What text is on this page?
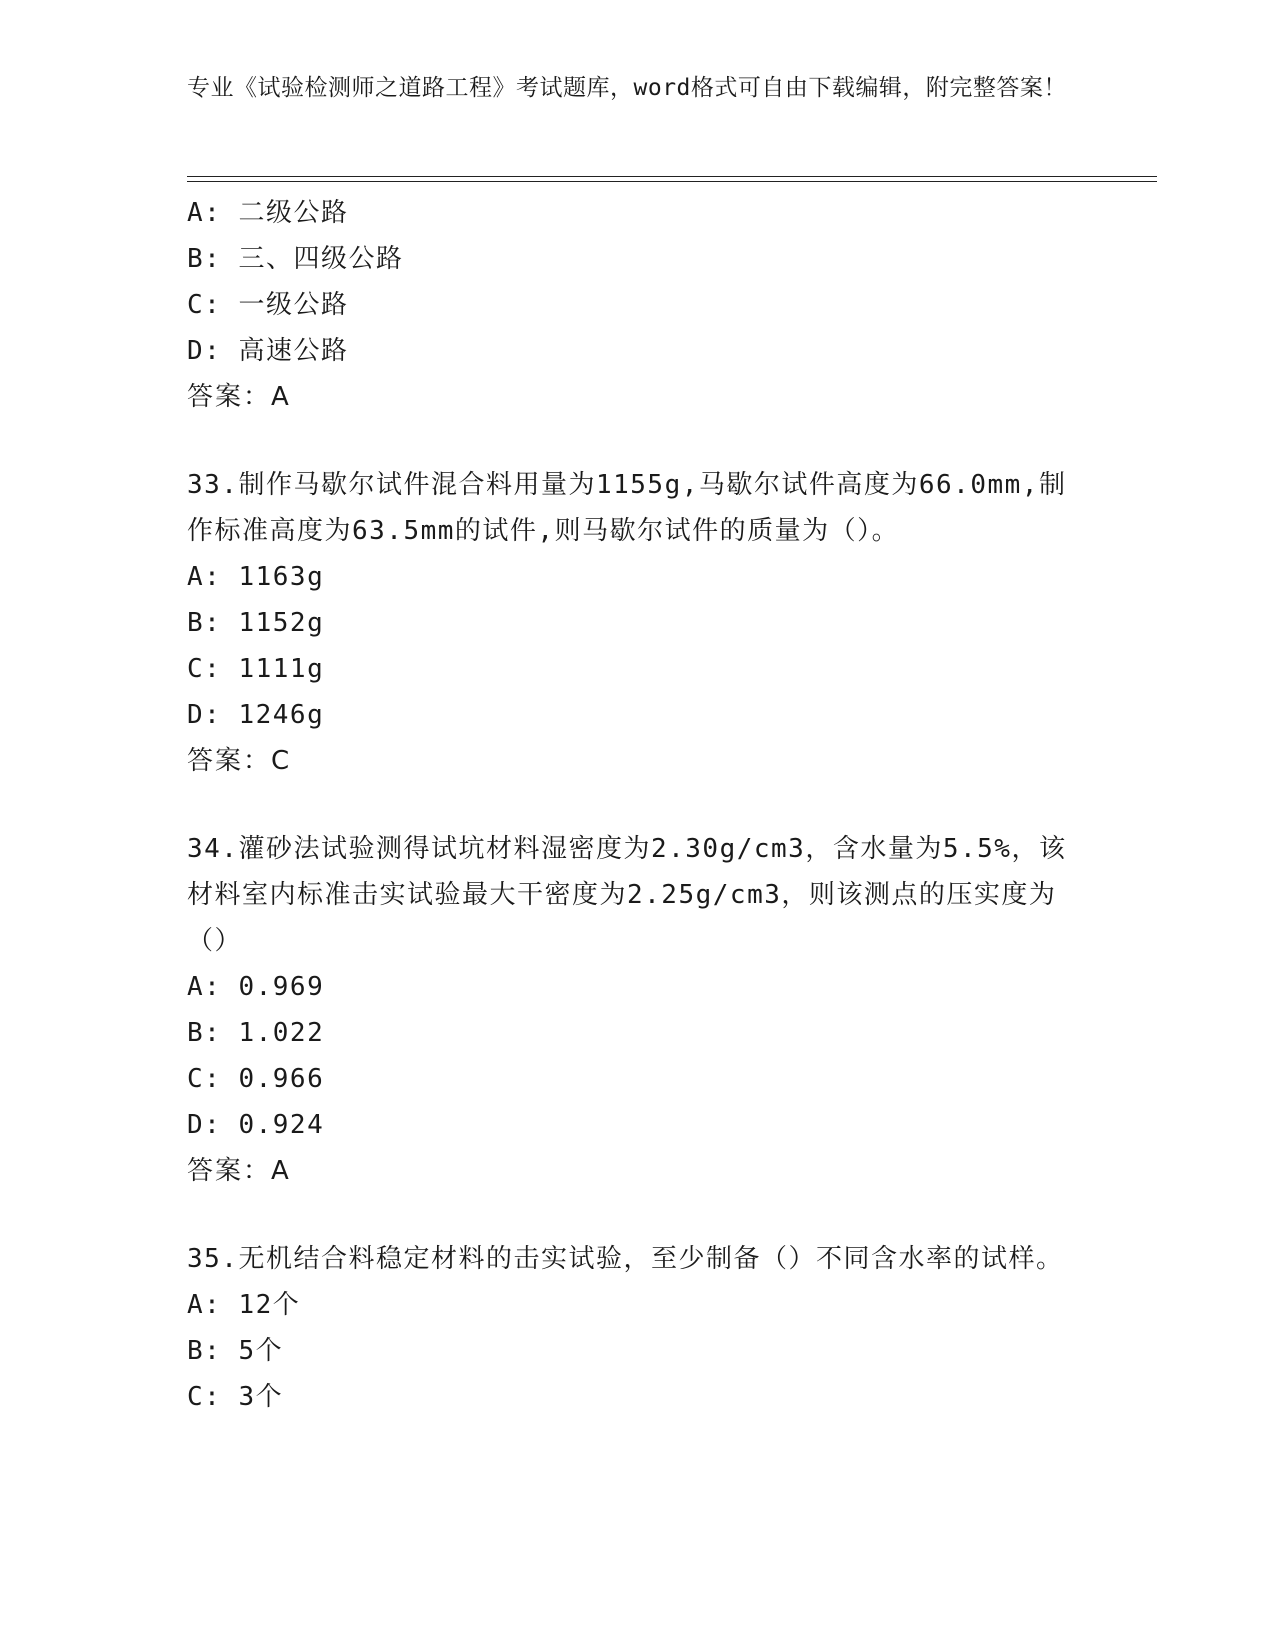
专业《试验检测师之道路工程》考试题库，word格式可自由下载编辑，附完整答案！
A: 二级公路
B: 三、四级公路
C: 一级公路
D: 高速公路
答案：A
33.制作马歇尔试件混合料用量为1155g,马歇尔试件高度为66.0mm,制作标准高度为63.5mm的试件,则马歇尔试件的质量为（）。
A: 1163g
B: 1152g
C: 1111g
D: 1246g
答案：C
34.灌砂法试验测得试坑材料湿密度为2.30g/cm3，含水量为5.5%，该材料室内标准击实试验最大干密度为2.25g/cm3，则该测点的压实度为（）
A: 0.969
B: 1.022
C: 0.966
D: 0.924
答案：A
35.无机结合料稳定材料的击实试验，至少制备（）不同含水率的试样。
A: 12个
B: 5个
C: 3个
